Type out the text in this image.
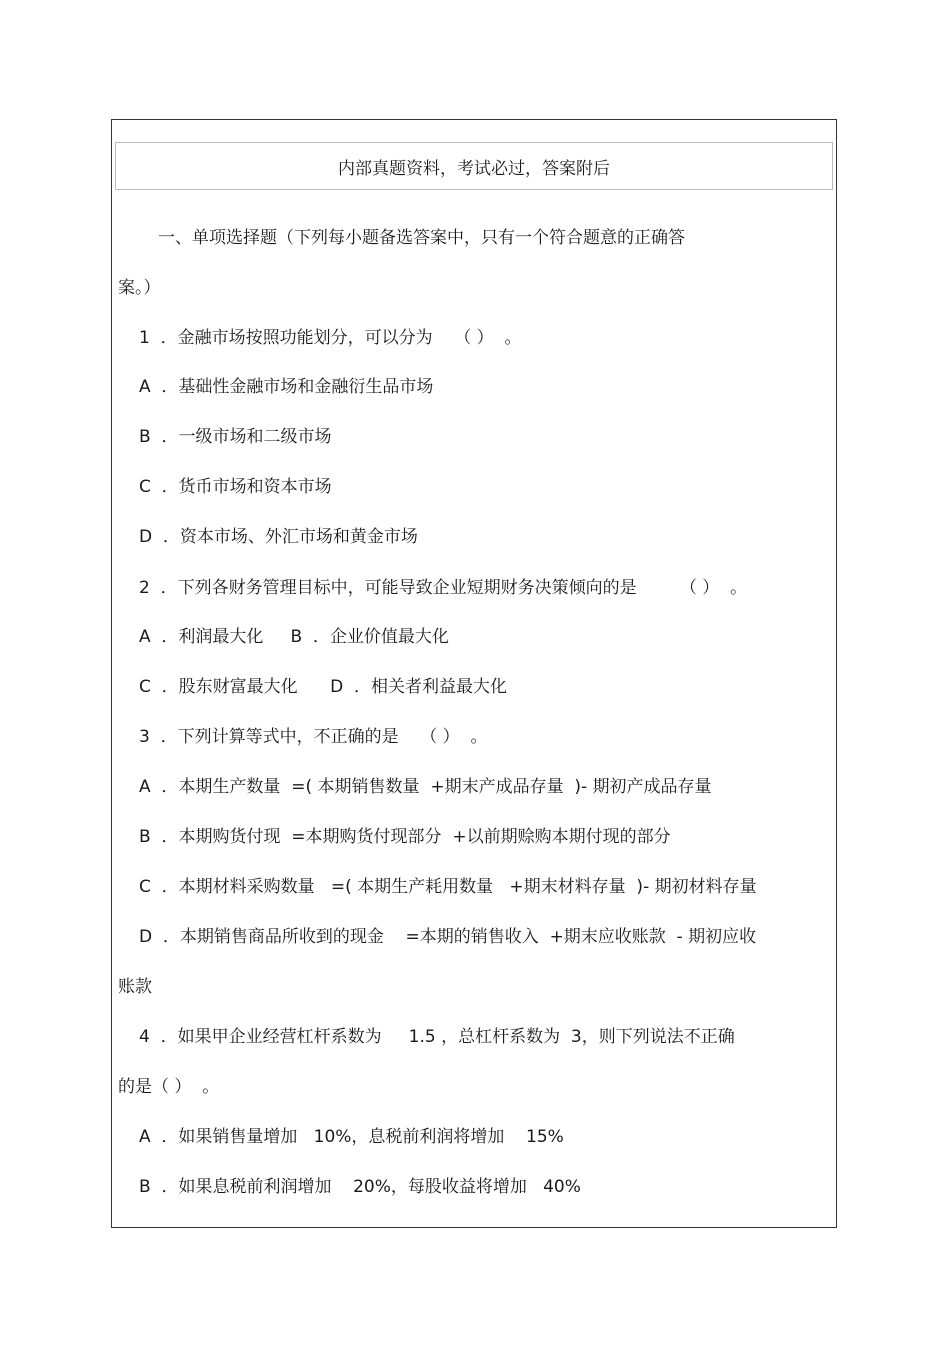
内部真题资料，考试必过，答案附后
一、单项选择题（下列每小题备选答案中，只有一个符合题意的正确答
案。）
1  ．金融市场按照功能划分，可以分为    （ ）  。
A  ．基础性金融市场和金融衍生品市场
B  ．一级市场和二级市场
C  ．货币市场和资本市场
D  ．资本市场、外汇市场和黄金市场
2  ．下列各财务管理目标中，可能导致企业短期财务决策倾向的是        （ ）  。
A  ．利润最大化     B  ．企业价值最大化
C  ．股东财富最大化      D  ．相关者利益最大化
3  ．下列计算等式中，不正确的是    （ ）  。
A  ．本期生产数量  =( 本期销售数量  +期末产成品存量  )- 期初产成品存量
B  ．本期购货付现  =本期购货付现部分  +以前期赊购本期付现的部分
C  ．本期材料采购数量   =( 本期生产耗用数量   +期末材料存量  )- 期初材料存量
D  ．本期销售商品所收到的现金    =本期的销售收入  +期末应收账款  - 期初应收
账款
4  ．如果甲企业经营杠杆系数为     1.5 ，总杠杆系数为  3，则下列说法不正确
的是（ ）  。
A  ．如果销售量增加   10%，息税前利润将增加    15%
B  ．如果息税前利润增加    20%，每股收益将增加   40%
